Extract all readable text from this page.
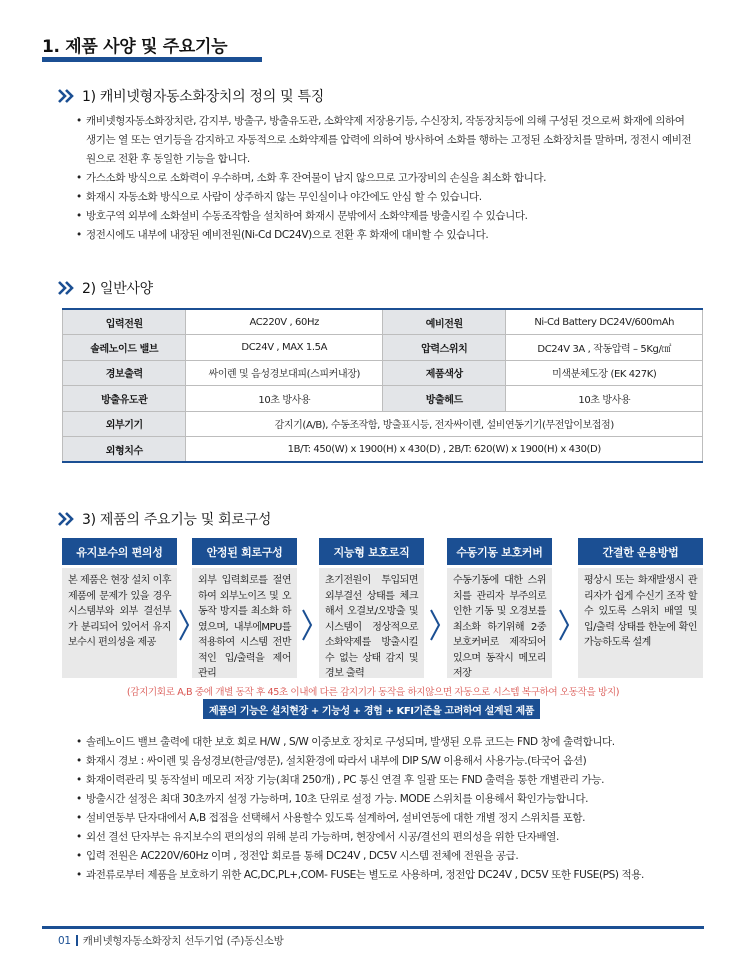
1. 제품 사양 및 주요기능
1) 캐비넷형자동소화장치의 정의 및 특징
• 캐비넷형자동소화장치란, 감지부, 방출구, 방출유도관, 소화약제 저장용기등, 수신장치, 작동장치등에 의해 구성된 것으로써 화재에 의하여 생기는 열 또는 연기등을 감지하고 자동적으로 소화약제를 압력에 의하여 방사하여 소화를 행하는 고정된 소화장치를 말하며, 정전시 예비전원으로 전환 후 동일한 기능을 합니다.
• 가스소화 방식으로 소화력이 우수하며, 소화 후 잔여물이 남지 않으므로 고가장비의 손실을 최소화 합니다.
• 화재시 자동소화 방식으로 사람이 상주하지 않는 무인실이나 야간에도 안심 할 수 있습니다.
• 방호구역 외부에 소화설비 수동조작함을 설치하여 화재시 문밖에서 소화약제를 방출시킬 수 있습니다.
• 정전시에도 내부에 내장된 예비전원(Ni-Cd DC24V)으로 전환 후 화재에 대비할 수 있습니다.
2) 일반사양
입력전원	AC220V , 60Hz	예비전원	Ni-Cd Battery DC24V/600mAh
솔레노이드 밸브	DC24V , MAX 1.5A	압력스위치	DC24V 3A , 작동압력 – 5Kg/㎠
경보출력	싸이렌 및 음성경보대피(스피커내장)	제품색상	미색분체도장 (EK 427K)
방출유도관	10초 방사용	방출헤드	10초 방사용
외부기기	감지기(A/B), 수동조작함, 방출표시등, 전자싸이렌, 설비연동기기(무전압이보접점)		
외형치수	1B/T: 450(W) x 1900(H) x 430(D) , 2B/T: 620(W) x 1900(H) x 430(D)		
3) 제품의 주요기능 및 회로구성
유지보수의 편의성
본 제품은 현장 설치 이후 제품에 문제가 있을 경우 시스템부와 외부 결선부가 분리되어 있어서 유지보수시 편의성을 제공
안정된 회로구성
외부 입력회로를 절연하여 외부노이즈 및 오동작 방지를 최소화 하였으며, 내부에MPU를 적용하여 시스템 전반적인 입/출력을 제어 관리
지능형 보호로직
초기전원이 투입되면 외부결선 상태를 체크해서 오결보/오방출 및 시스템이 정상적으로 소화약제를 방출시킬수 없는 상태 감지 및 경보 출력
수동기동 보호커버
수동기동에 대한 스위치를 관리자 부주의로 인한 기동 및 오경보를 최소화 하기위해 2중 보호커버로 제작되어 있으며 동작시 메모리저장
간결한 운용방법
평상시 또는 화재발생시 관리자가 쉽게 수신기 조작 할 수 있도록 스위치 배열 및 입/출력 상태를 한눈에 확인 가능하도록 설계
(감지기회로 A,B 중에 개별 동작 후 45초 이내에 다른 감지기가 동작을 하지않으면 자동으로 시스템 복구하여 오동작을 방지)
제품의 기능은 설치현장 + 기능성 + 경험 + KFI기준을 고려하여 설계된 제품
• 솔레노이드 밸브 출력에 대한 보호 회로 H/W , S/W 이중보호 장치로 구성되며, 발생된 오류 코드는 FND 창에 출력합니다.
• 화재시 경보 : 싸이렌 및 음성경보(한글/영문), 설치환경에 따라서 내부에 DIP S/W 이용해서 사용가능.(타국어 옵션)
• 화재이력관리 및 동작설비 메모리 저장 기능(최대 250개) , PC 통신 연결 후 일괄 또는 FND 출력을 통한 개별관리 가능.
• 방출시간 설정은 최대 30초까지 설정 가능하며, 10초 단위로 설정 가능. MODE 스위치를 이용해서 확인가능합니다.
• 설비연동부 단자대에서 A,B 접점을 선택해서 사용할수 있도록 설계하여, 설비연동에 대한 개별 정지 스위치를 포함.
• 외선 결선 단자부는 유지보수의 편의성의 위해 분리 가능하며, 현장에서 시공/결선의 편의성을 위한 단자배열.
• 입력 전원은 AC220V/60Hz 이며 , 정전압 회로를 통해 DC24V , DC5V 시스템 전체에 전원을 공급.
• 과전류로부터 제품을 보호하기 위한 AC,DC,PL+,COM- FUSE는 별도로 사용하며, 정전압 DC24V , DC5V 또한 FUSE(PS) 적용.
01 캐비넷형자동소화장치 선두기업 (주)동신소방
